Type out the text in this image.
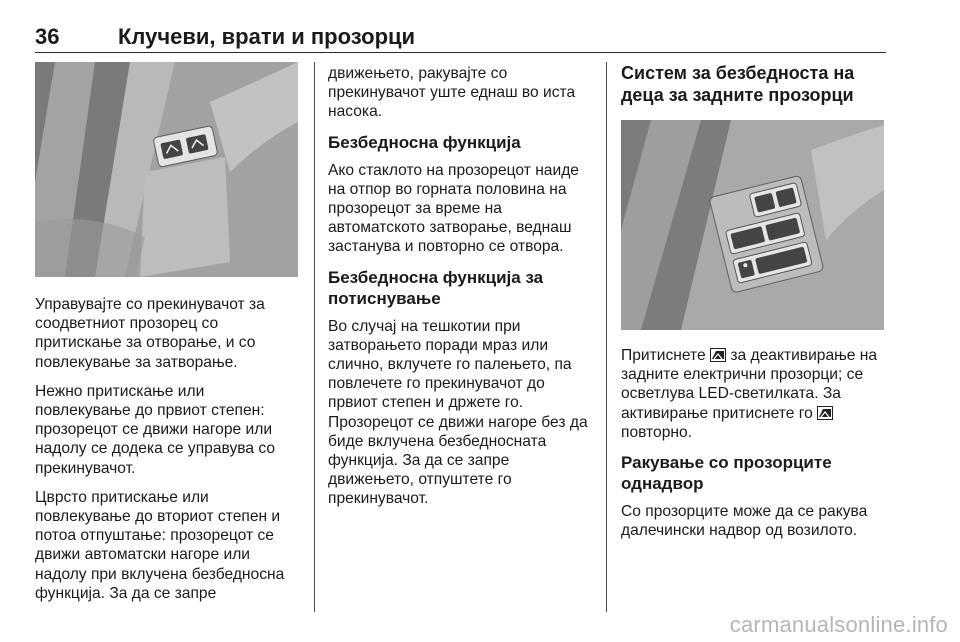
36	Клучеви, врати и прозорци

Управувајте со прекинувачот за соодветниот прозорец со притискање за отворање, и со повлекување за затворање.

Нежно притискање или повлекување до првиот степен: прозорецот се движи нагоре или надолу се додека се управува со прекинувачот.

Цврсто притискање или повлекување до вториот степен и потоа отпуштање: прозорецот се движи автоматски нагоре или надолу при вклучена безбедносна функција. За да се запре

движењето, ракувајте со прекинувачот уште еднаш во иста насока.

Безбедносна функција

Ако стаклото на прозорецот наиде на отпор во горната половина на прозорецот за време на автоматското затворање, веднаш застанува и повторно се отвора.

Безбедносна функција за потиснување

Во случај на тешкотии при затворањето поради мраз или слично, вклучете го палењето, па повлечете го прекинувачот до првиот степен и држете го. Прозорецот се движи нагоре без да биде вклучена безбедносната функција. За да се запре движењето, отпуштете го прекинувачот.

Систем за безбедноста на деца за задните прозорци

Притиснете за деактивирање на задните електрични прозорци; се осветлува LED-светилката. За активирање притиснете го  повторно.

Ракување со прозорците однадвор

Со прозорците може да се ракува далечински надвор од возилото.

carmanualsonline.info
